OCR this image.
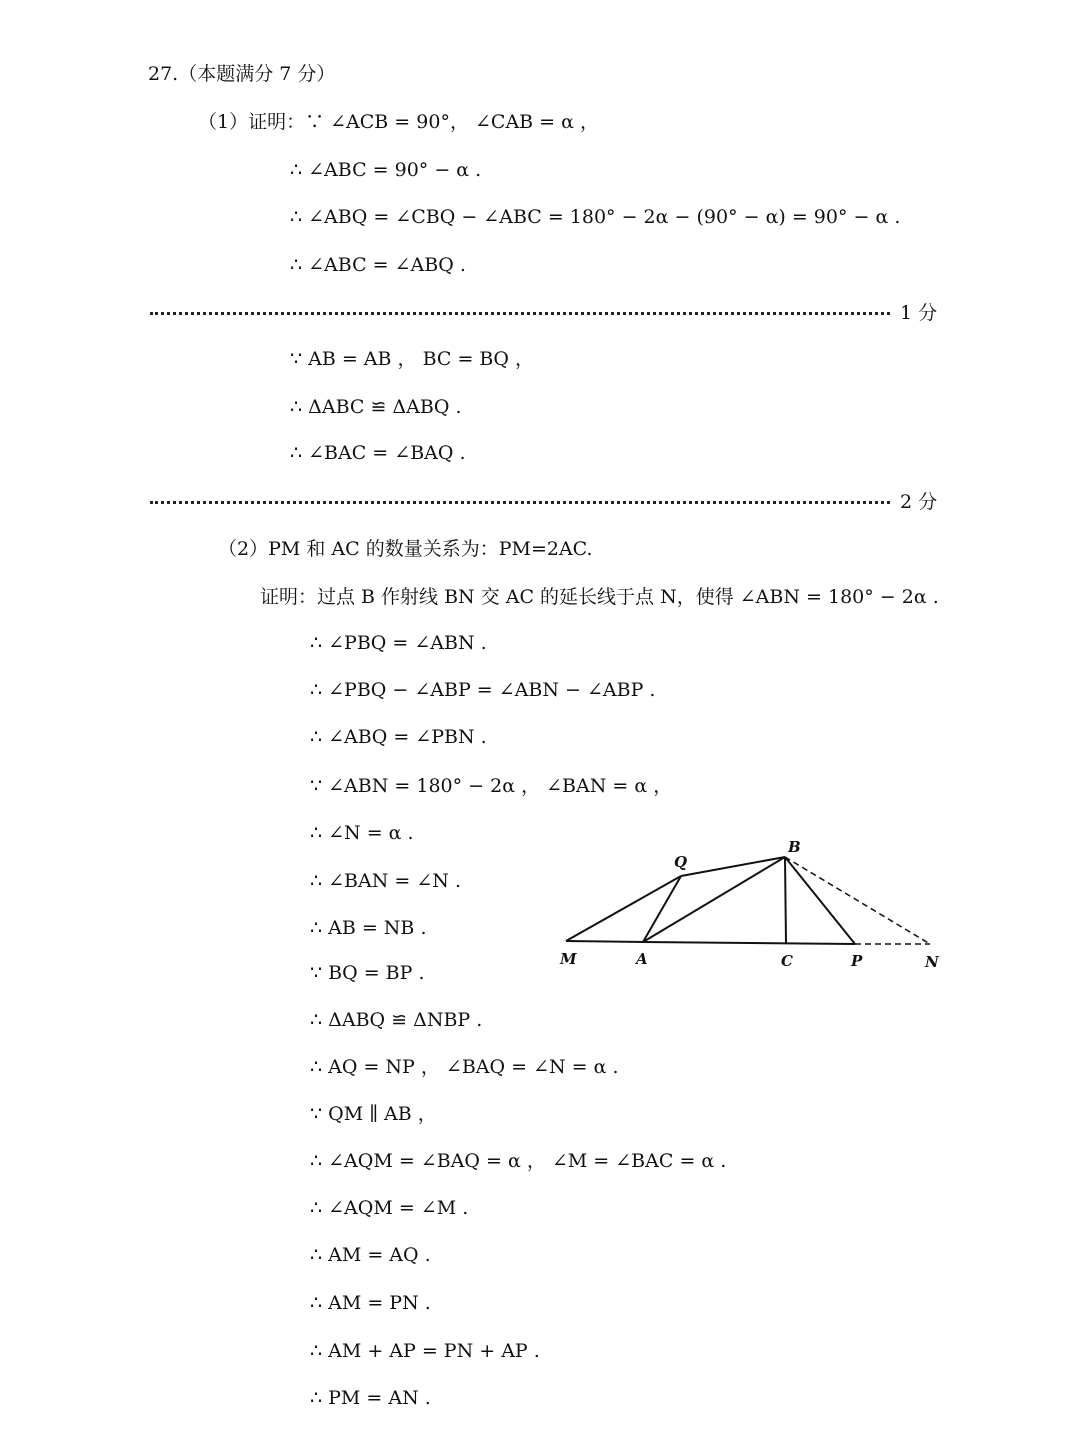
27.（本题满分 7 分）
（1）证明：∵ ∠ACB = 90°， ∠CAB = α ，
∴ ∠ABC = 90° − α .
∴ ∠ABQ = ∠CBQ − ∠ABC = 180° − 2α − (90° − α) = 90° − α .
∴ ∠ABC = ∠ABQ .
1 分
∵ AB = AB ， BC = BQ ，
∴ ΔABC ≌ ΔABQ .
∴ ∠BAC = ∠BAQ .
2 分
（2）PM 和 AC 的数量关系为：PM=2AC.
证明：过点 B 作射线 BN 交 AC 的延长线于点 N，使得 ∠ABN = 180° − 2α .
∴ ∠PBQ = ∠ABN .
∴ ∠PBQ − ∠ABP = ∠ABN − ∠ABP .
∴ ∠ABQ = ∠PBN .
∵ ∠ABN = 180° − 2α ， ∠BAN = α ，
∴ ∠N = α .
∴ ∠BAN = ∠N .
∴ AB = NB .
∵ BQ = BP .
∴ ΔABQ ≌ ΔNBP .
∴ AQ = NP ， ∠BAQ = ∠N = α .
∵ QM ∥ AB ，
∴ ∠AQM = ∠BAQ = α ， ∠M = ∠BAC = α .
∴ ∠AQM = ∠M .
∴ AM = AQ .
∴ AM = PN .
∴ AM + AP = PN + AP .
∴ PM = AN .
Q
B
M	A	C	P	N
